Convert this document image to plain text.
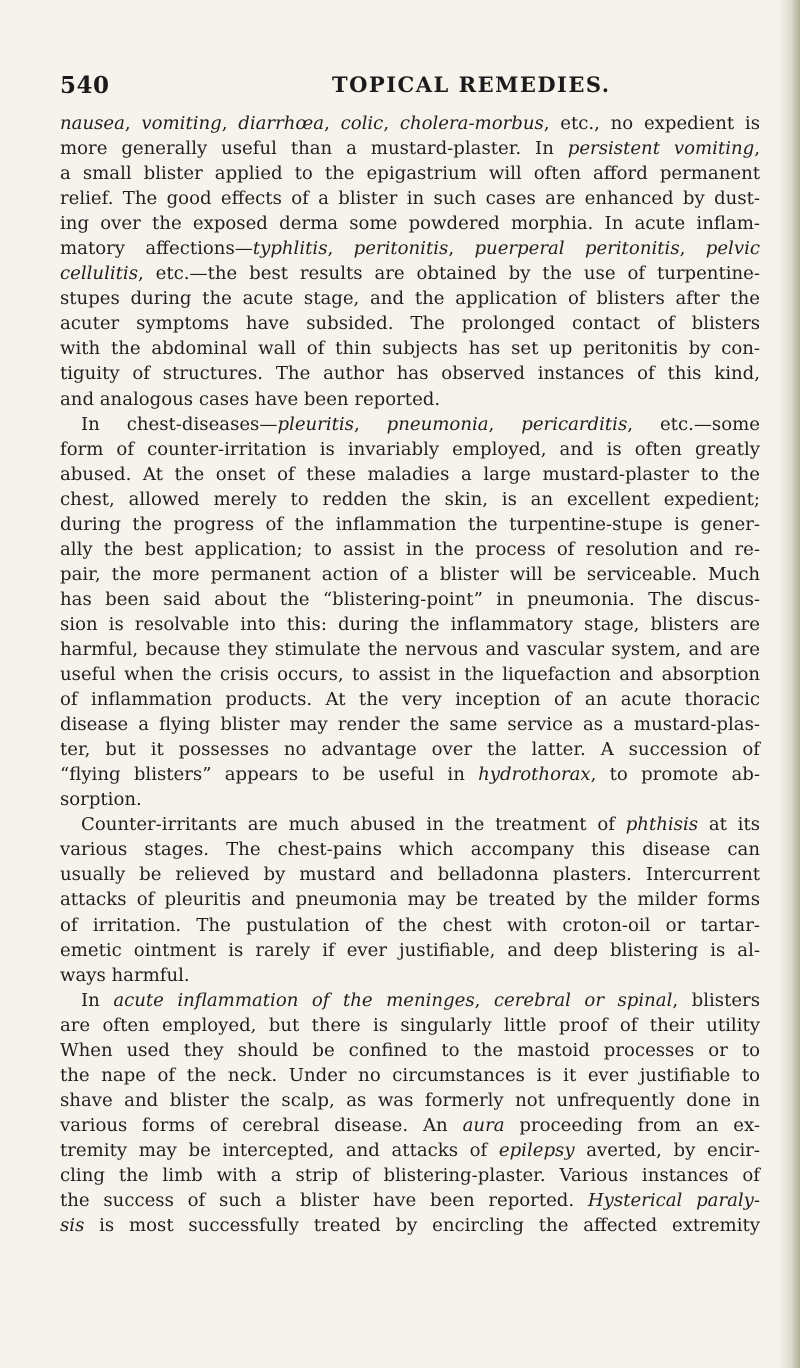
540	TOPICAL REMEDIES.
nausea, vomiting, diarrhœa, colic, cholera-morbus, etc., no expedient is
more generally useful than a mustard-plaster. In persistent vomiting,
a small blister applied to the epigastrium will often afford permanent
relief. The good effects of a blister in such cases are enhanced by dust-
ing over the exposed derma some powdered morphia. In acute inflam-
matory affections—typhlitis, peritonitis, puerperal peritonitis, pelvic
cellulitis, etc.—the best results are obtained by the use of turpentine-
stupes during the acute stage, and the application of blisters after the
acuter symptoms have subsided. The prolonged contact of blisters
with the abdominal wall of thin subjects has set up peritonitis by con-
tiguity of structures. The author has observed instances of this kind,
and analogous cases have been reported.
In chest-diseases—pleuritis, pneumonia, pericarditis, etc.—some
form of counter-irritation is invariably employed, and is often greatly
abused. At the onset of these maladies a large mustard-plaster to the
chest, allowed merely to redden the skin, is an excellent expedient;
during the progress of the inflammation the turpentine-stupe is gener-
ally the best application; to assist in the process of resolution and re-
pair, the more permanent action of a blister will be serviceable. Much
has been said about the “blistering-point” in pneumonia. The discus-
sion is resolvable into this: during the inflammatory stage, blisters are
harmful, because they stimulate the nervous and vascular system, and are
useful when the crisis occurs, to assist in the liquefaction and absorption
of inflammation products. At the very inception of an acute thoracic
disease a flying blister may render the same service as a mustard-plas-
ter, but it possesses no advantage over the latter. A succession of
“flying blisters” appears to be useful in hydrothorax, to promote ab-
sorption.
Counter-irritants are much abused in the treatment of phthisis at its
various stages. The chest-pains which accompany this disease can
usually be relieved by mustard and belladonna plasters. Intercurrent
attacks of pleuritis and pneumonia may be treated by the milder forms
of irritation. The pustulation of the chest with croton-oil or tartar-
emetic ointment is rarely if ever justifiable, and deep blistering is al-
ways harmful.
In acute inflammation of the meninges, cerebral or spinal, blisters
are often employed, but there is singularly little proof of their utility
When used they should be confined to the mastoid processes or to
the nape of the neck. Under no circumstances is it ever justifiable to
shave and blister the scalp, as was formerly not unfrequently done in
various forms of cerebral disease. An aura proceeding from an ex-
tremity may be intercepted, and attacks of epilepsy averted, by encir-
cling the limb with a strip of blistering-plaster. Various instances of
the success of such a blister have been reported. Hysterical paraly-
sis is most successfully treated by encircling the affected extremity
